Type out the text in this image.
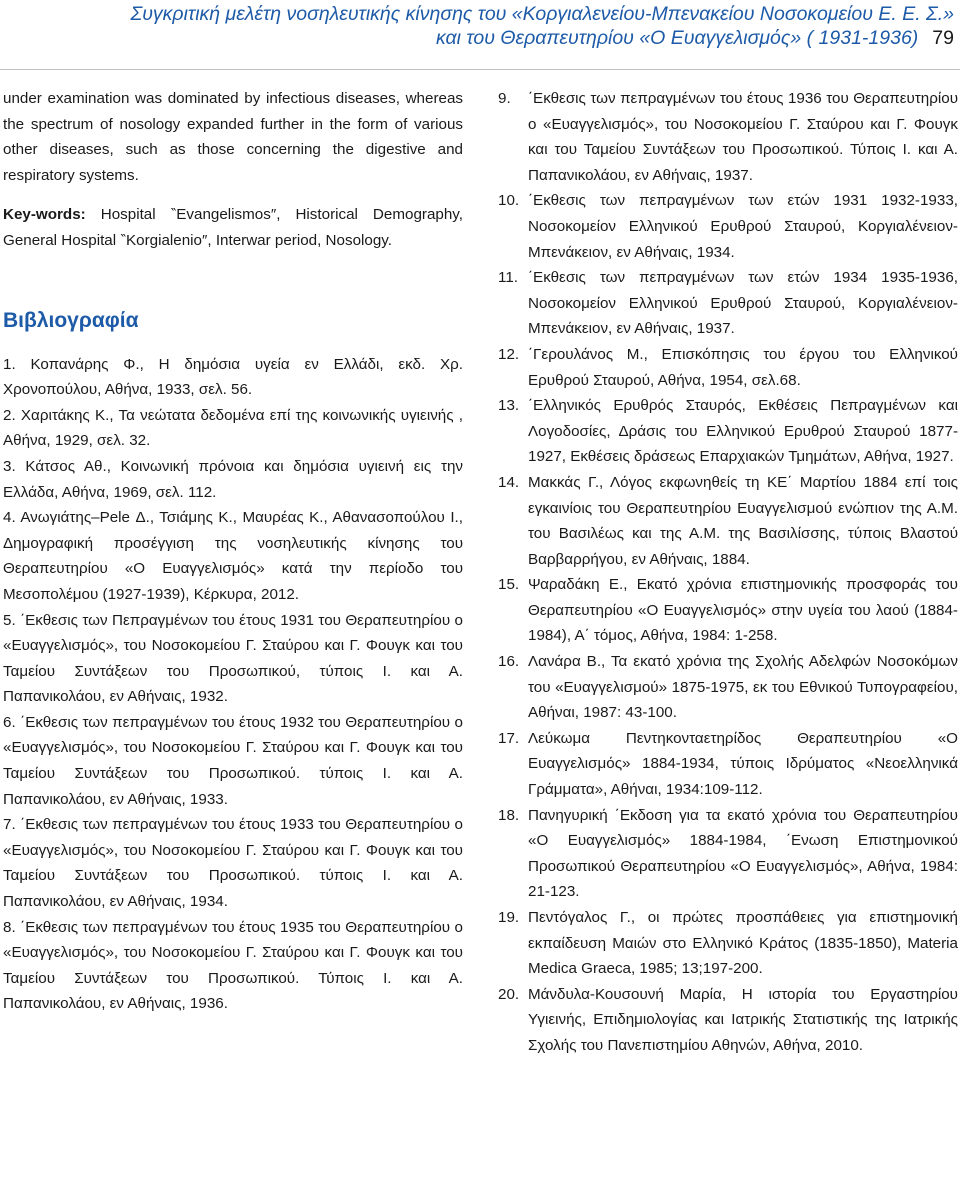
Συγκριτική μελέτη νοσηλευτικής κίνησης του «Κοργιαλενείου-Μπενακείου Νοσοκομείου Ε. Ε. Σ.»
και του Θεραπευτηρίου «Ο Ευαγγελισμός» ( 1931-1936) 79

under examination was dominated by infectious diseases, whereas the spectrum of nosology expanded further in the form of various other diseases, such as those concerning the digestive and respiratory systems.

Key-words: Hospital ‶Evangelismos″, Historical Demography, General Hospital ‶Korgialenio″, Interwar period, Nosology.

Βιβλιογραφία
1. Κοπανάρης Φ., Η δημόσια υγεία εν Ελλάδι, εκδ. Χρ. Χρονοπούλου, Αθήνα, 1933, σελ. 56.
2. Χαριτάκης Κ., Τα νεώτατα δεδομένα επί της κοινωνικής υγιεινής , Αθήνα, 1929, σελ. 32.
3. Κάτσος Αθ., Κοινωνική πρόνοια και δημόσια υγιεινή εις την Ελλάδα, Αθήνα, 1969, σελ. 112.
4. Ανωγιάτης–Pele Δ., Τσιάμης Κ., Μαυρέας Κ., Αθανασοπούλου Ι., Δημογραφική προσέγγιση της νοσηλευτικής κίνησης του Θεραπευτηρίου «Ο Ευαγγελισμός» κατά την περίοδο του Μεσοπολέμου (1927-1939), Κέρκυρα, 2012.
5. ΄Εκθεσις των Πεπραγμένων του έτους 1931 του Θεραπευτηρίου ο «Ευαγγελισμός», του Νοσοκομείου Γ. Σταύρου και Γ. Φουγκ και του Ταμείου Συντάξεων του Προσωπικού, τύποις Ι. και Α. Παπανικολάου, εν Αθήναις, 1932.
6. ΄Εκθεσις των πεπραγμένων του έτους 1932 του Θεραπευτηρίου ο «Ευαγγελισμός», του Νοσοκομείου Γ. Σταύρου και Γ. Φουγκ και του Ταμείου Συντάξεων του Προσωπικού. τύποις Ι. και Α. Παπανικολάου, εν Αθήναις, 1933.
7. ΄Εκθεσις των πεπραγμένων του έτους 1933 του Θεραπευτηρίου ο «Ευαγγελισμός», του Νοσοκομείου Γ. Σταύρου και Γ. Φουγκ και του Ταμείου Συντάξεων του Προσωπικού. τύποις Ι. και Α. Παπανικολάου, εν Αθήναις, 1934.
8. ΄Εκθεσις των πεπραγμένων του έτους 1935 του Θεραπευτηρίου ο «Ευαγγελισμός», του Νοσοκομείου Γ. Σταύρου και Γ. Φουγκ και του Ταμείου Συντάξεων του Προσωπικού. Τύποις Ι. και Α. Παπανικολάου, εν Αθήναις, 1936.
9.	΄Εκθεσις των πεπραγμένων του έτους 1936 του Θεραπευτηρίου ο «Ευαγγελισμός», του Νοσοκομείου Γ. Σταύρου και Γ. Φουγκ και του Ταμείου Συντάξεων του Προσωπικού. Τύποις Ι. και Α. Παπανικολάου, εν Αθήναις, 1937.
10. ΄Εκθεσις των πεπραγμένων των ετών 1931 1932-1933, Νοσοκομείον Ελληνικού Ερυθρού Σταυρού, Κοργιαλένειον-Μπενάκειον, εν Αθήναις, 1934.
11. ΄Εκθεσις των πεπραγμένων των ετών 1934 1935-1936, Νοσοκομείον Ελληνικού Ερυθρού Σταυρού, Κοργιαλένειον-Μπενάκειον, εν Αθήναις, 1937.
12. ΄Γερουλάνος Μ., Επισκόπησις του έργου του Ελληνικού Ερυθρού Σταυρού, Αθήνα, 1954, σελ.68.
13. ΄Ελληνικός Ερυθρός Σταυρός, Εκθέσεις Πεπραγμένων και Λογοδοσίες, Δράσις του Ελληνικού Ερυθρού Σταυρού 1877-1927, Εκθέσεις δράσεως Επαρχιακών Τμημάτων, Αθήνα, 1927.
14. Μακκάς Γ., Λόγος εκφωνηθείς τη ΚΕ΄ Μαρτίου 1884 επί τοις εγκαινίοις του Θεραπευτηρίου Ευαγγελισμού ενώπιον της Α.Μ. του Βασιλέως και της Α.Μ. της Βασιλίσσης, τύποις Βλαστού Βαρβαρρήγου, εν Αθήναις, 1884.
15. Ψαραδάκη Ε., Εκατό χρόνια επιστημονικής προσφοράς του Θεραπευτηρίου «Ο Ευαγγελισμός» στην υγεία του λαού (1884-1984), Α΄ τόμος, Αθήνα, 1984: 1-258.
16. Λανάρα Β., Τα εκατό χρόνια της Σχολής Αδελφών Νοσοκόμων του «Ευαγγελισμού» 1875-1975, εκ του Εθνικού Τυπογραφείου, Αθήναι, 1987: 43-100.
17. Λεύκωμα Πεντηκονταετηρίδος Θεραπευτηρίου «Ο Ευαγγελισμός» 1884-1934, τύποις Ιδρύματος «Νεοελληνικά Γράμματα», Αθήναι, 1934:109-112.
18. Πανηγυρική ΄Εκδοση για τα εκατό χρόνια του Θεραπευτηρίου «Ο Ευαγγελισμός» 1884-1984, ΄Ενωση Επιστημονικού Προσωπικού Θεραπευτηρίου «Ο Ευαγγελισμός», Αθήνα, 1984: 21-123.
19. Πεντόγαλος Γ., οι πρώτες προσπάθειες για επιστημονική εκπαίδευση Μαιών στο Ελληνικό Κράτος (1835-1850), Materia Medica Graeca, 1985; 13;197-200.
20. Μάνδυλα-Κουσουνή Μαρία, Η ιστορία του Εργαστηρίου Υγιεινής, Επιδημιολογίας και Ιατρικής Στατιστικής της Ιατρικής Σχολής του Πανεπιστημίου Αθηνών, Αθήνα, 2010.
